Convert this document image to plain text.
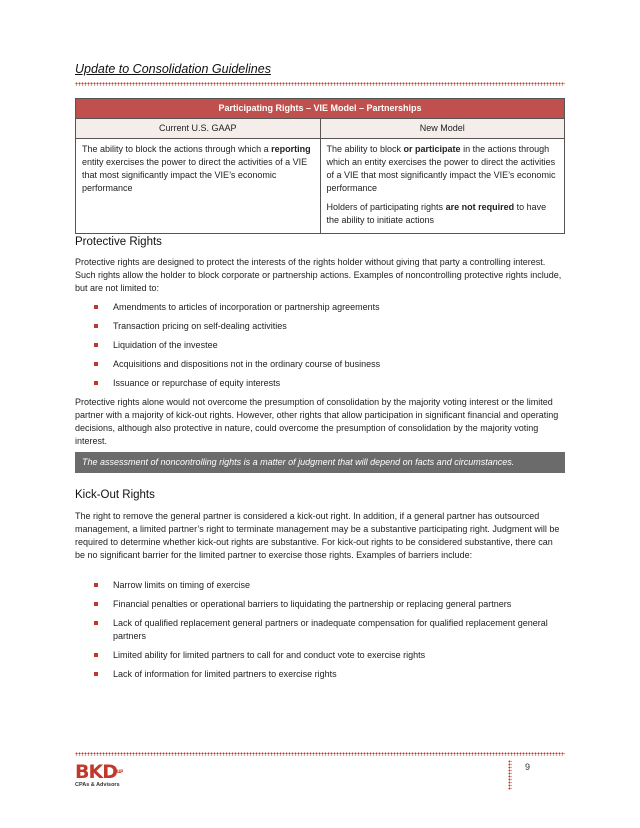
Update to Consolidation Guidelines
Participating Rights – VIE Model – Partnerships	
Current U.S. GAAP	New Model

The ability to block the actions through which a reporting entity exercises the power to direct the activities of a VIE that most significantly impact the VIE’s economic performance	The ability to block or participate in the actions through which an entity exercises the power to direct the activities of a VIE that most significantly impact the VIE’s economic performance

Holders of participating rights are not required to have the ability to initiate actions

Protective Rights

Protective rights are designed to protect the interests of the rights holder without giving that party a controlling interest. Such rights allow the holder to block corporate or partnership actions. Examples of noncontrolling protective rights include, but are not limited to:

Amendments to articles of incorporation or partnership agreements
Transaction pricing on self-dealing activities
Liquidation of the investee
Acquisitions and dispositions not in the ordinary course of business
Issuance or repurchase of equity interests

Protective rights alone would not overcome the presumption of consolidation by the majority voting interest or the limited partner with a majority of kick-out rights. However, other rights that allow participation in significant financial and operating decisions, although also protective in nature, could overcome the presumption of consolidation by the majority voting interest.

The assessment of noncontrolling rights is a matter of judgment that will depend on facts and circumstances.
Kick-Out Rights

The right to remove the general partner is considered a kick-out right. In addition, if a general partner has outsourced management, a limited partner’s right to terminate management may be a substantive participating right. Judgment will be required to determine whether kick-out rights are substantive. For kick-out rights to be considered substantive, there can be no significant barrier for the limited partner to exercise those rights. Examples of barriers include:

Narrow limits on timing of exercise
Financial penalties or operational barriers to liquidating the partnership or replacing general partners
Lack of qualified replacement general partners or inadequate compensation for qualified replacement general partners
Limited ability for limited partners to call for and conduct vote to exercise rights
Lack of information for limited partners to exercise rights
9
BKDLLP
CPAs & Advisors
